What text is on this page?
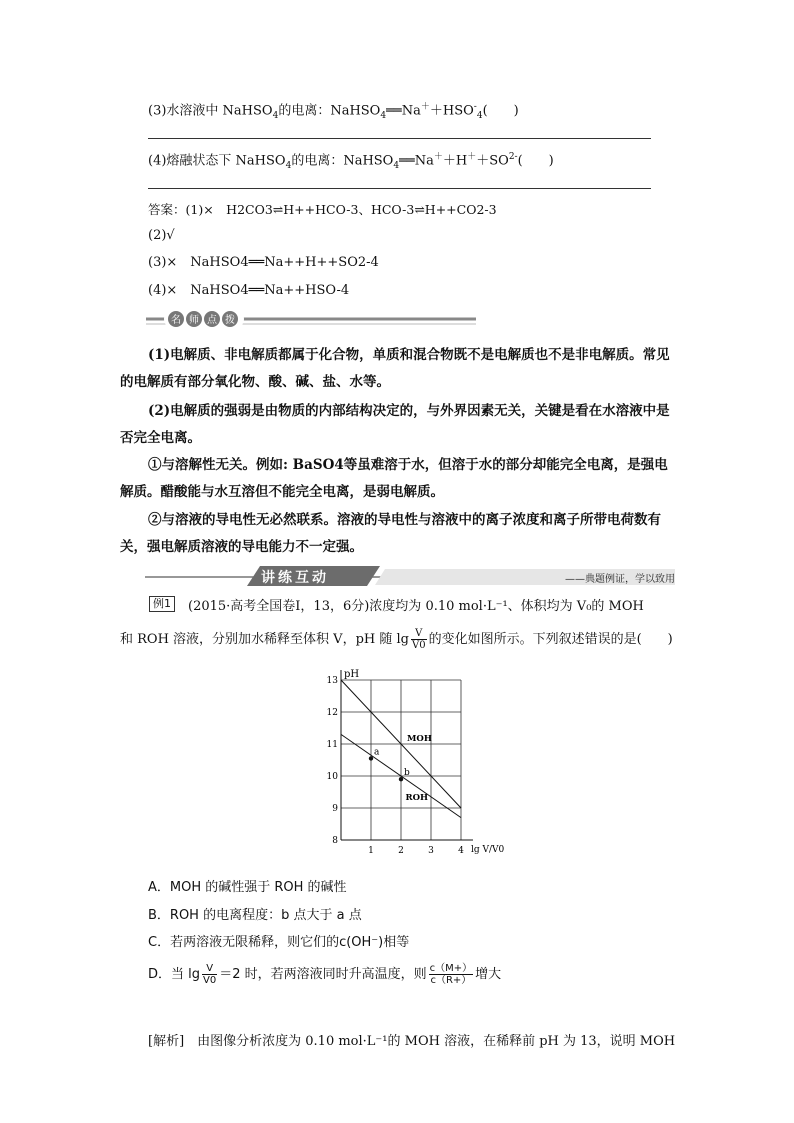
(3)水溶液中 NaHSO$_4$的电离：$NaHSO_4══Na^++HSO^-_4$(　　)
(4)熔融状态下 NaHSO$_4$的电离：$NaHSO_4══Na^++H^++SO^{2-}$(　　)
答案：(1)×　H2CO3⇌H++HCO-3、HCO-3⇌H++CO2-3
(2)√
(3)×　NaHSO4══Na++H++SO2-4
(4)×　NaHSO4══Na++HSO-4
名 师 点 拨
(1)电解质、非电解质都属于化合物，单质和混合物既不是电解质也不是非电解质。常见的电解质有部分氧化物、酸、碱、盐、水等。
(2)电解质的强弱是由物质的内部结构决定的，与外界因素无关，关键是看在水溶液中是否完全电离。
①与溶解性无关。例如: BaSO4等虽难溶于水，但溶于水的部分却能完全电离，是强电解质。醋酸能与水互溶但不能完全电离，是弱电解质。
②与溶液的导电性无必然联系。溶液的导电性与溶液中的离子浓度和离子所带电荷数有关，强电解质溶液的导电能力不一定强。
讲练互动	——典题例证，学以致用
例1	(2015·高考全国卷Ⅰ，13，6分)浓度均为 0.10 mol·L⁻¹、体积均为 V₀的 MOH
和 ROH 溶液，分别加水稀释至体积 V，pH 随 $\lg \frac{V}{V0}$ 的变化如图所示。下列叙述错误的是(　　)
pH
lg V/V0
1	2	3	4
8
9
10
11
12
13
MOH
ROH
a
b
A．MOH 的碱性强于 ROH 的碱性
B．ROH 的电离程度：b 点大于 a 点
C．若两溶液无限稀释，则它们的c(OH⁻)相等
D．当 $\lg \frac{V}{V0} =2$ 时，若两溶液同时升高温度，则 $\frac{c(M+)}{c(R+)}$ 增大
[解析]　由图像分析浓度为 0.10 mol·L⁻¹的 MOH 溶液，在稀释前 pH 为 13，说明 MOH
